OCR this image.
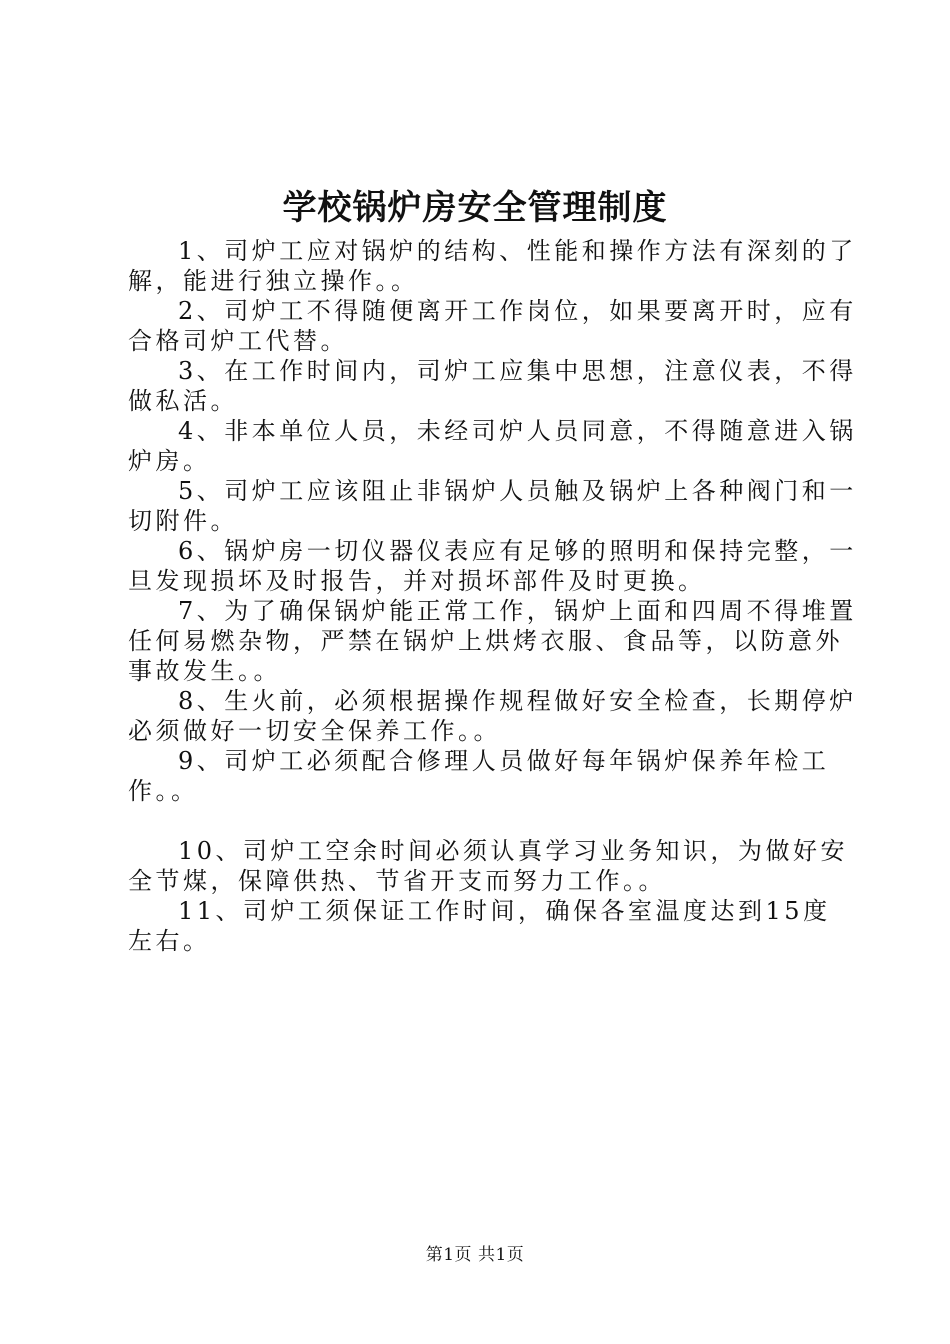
学校锅炉房安全管理制度

1、司炉工应对锅炉的结构、性能和操作方法有深刻的了解，能进行独立操作。。

2、司炉工不得随便离开工作岗位，如果要离开时，应有合格司炉工代替。

3、在工作时间内，司炉工应集中思想，注意仪表，不得做私活。

4、非本单位人员，未经司炉人员同意，不得随意进入锅炉房。

5、司炉工应该阻止非锅炉人员触及锅炉上各种阀门和一切附件。

6、锅炉房一切仪器仪表应有足够的照明和保持完整，一旦发现损坏及时报告，并对损坏部件及时更换。

7、为了确保锅炉能正常工作，锅炉上面和四周不得堆置任何易燃杂物，严禁在锅炉上烘烤衣服、食品等，以防意外事故发生。。

8、生火前，必须根据操作规程做好安全检查，长期停炉必须做好一切安全保养工作。。

9、司炉工必须配合修理人员做好每年锅炉保养年检工作。。

10、司炉工空余时间必须认真学习业务知识，为做好安全节煤，保障供热、节省开支而努力工作。。

11、司炉工须保证工作时间，确保各室温度达到15度左右。

第1页 共1页
